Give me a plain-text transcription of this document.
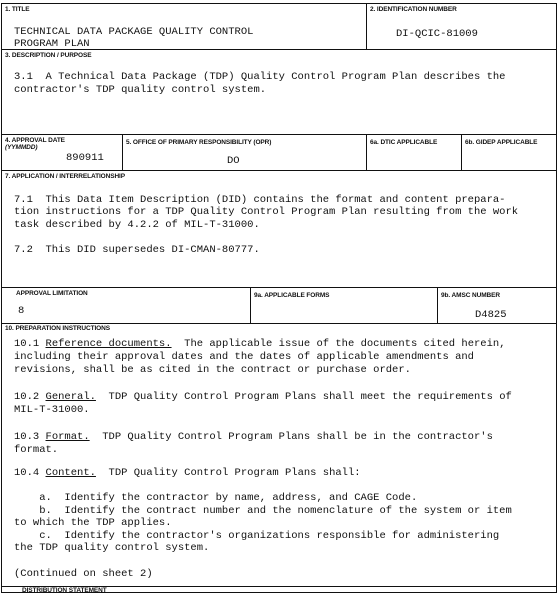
1. TITLE
TECHNICAL DATA PACKAGE QUALITY CONTROL
PROGRAM PLAN
2. IDENTIFICATION NUMBER
DI-QCIC-81009
3. DESCRIPTION / PURPOSE
3.1  A Technical Data Package (TDP) Quality Control Program Plan describes the
contractor's TDP quality control system.
4. APPROVAL DATE
(YYMMDD)
890911
5. OFFICE OF PRIMARY RESPONSIBILITY (OPR)
DO
6a. DTIC APPLICABLE	6b. GIDEP APPLICABLE
7. APPLICATION / INTERRELATIONSHIP
7.1  This Data Item Description (DID) contains the format and content prepara-
tion instructions for a TDP Quality Control Program Plan resulting from the work
task described by 4.2.2 of MIL-T-31000.
7.2  This DID supersedes DI-CMAN-80777.
APPROVAL LIMITATION
8
9a. APPLICABLE FORMS	9b. AMSC NUMBER
D4825
10. PREPARATION INSTRUCTIONS
10.1 Reference documents.  The applicable issue of the documents cited herein,
including their approval dates and the dates of applicable amendments and
revisions, shall be as cited in the contract or purchase order.
10.2 General.  TDP Quality Control Program Plans shall meet the requirements of
MIL-T-31000.
10.3 Format.  TDP Quality Control Program Plans shall be in the contractor's
format.
10.4 Content.  TDP Quality Control Program Plans shall:
a.  Identify the contractor by name, address, and CAGE Code.
b.  Identify the contract number and the nomenclature of the system or item
to which the TDP applies.
c.  Identify the contractor's organizations responsible for administering
the TDP quality control system.
(Continued on sheet 2)
DISTRIBUTION STATEMENT
